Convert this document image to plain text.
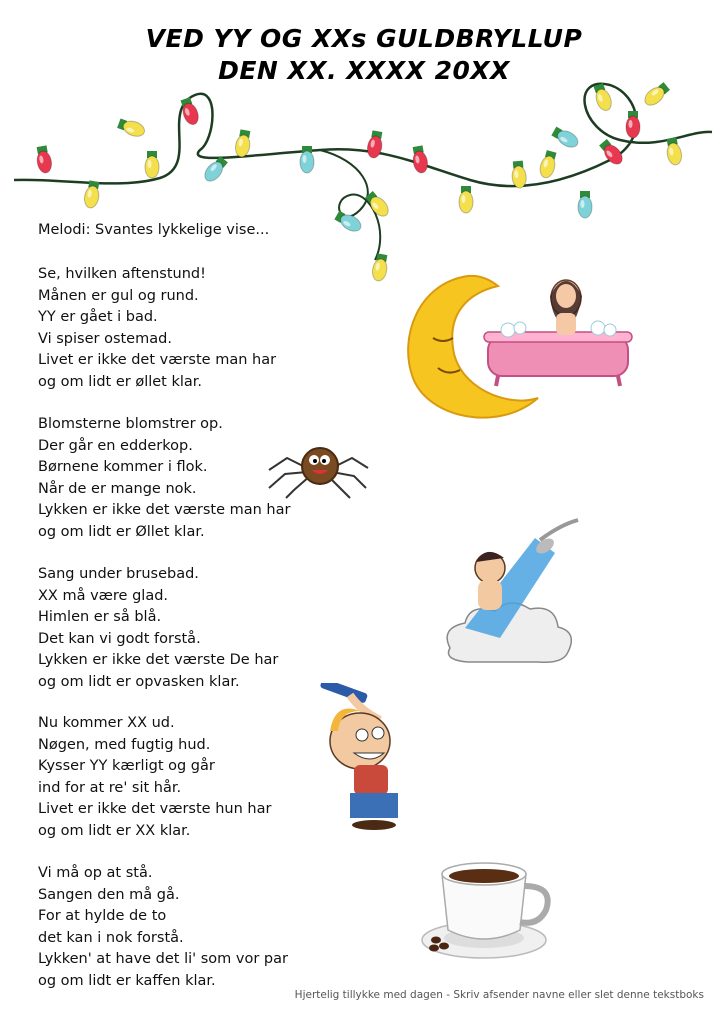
VED YY OG XXs GULDBRYLLUP
DEN XX. XXXX 20XX
Melodi: Svantes lykkelige vise...
Se, hvilken aftenstund!
Månen er gul og rund.
YY er gået i bad.
Vi spiser ostemad.
Livet er ikke det værste man har
og om lidt er øllet klar.
Blomsterne blomstrer op.
Der går en edderkop.
Børnene kommer i flok.
Når de er mange nok.
Lykken er ikke det værste man har
og om lidt er Øllet klar.
Sang under brusebad.
XX må være glad.
Himlen er så blå.
Det kan vi godt forstå.
Lykken er ikke det værste De har
og om lidt er opvasken klar.
Nu kommer XX ud.
Nøgen, med fugtig hud.
Kysser YY kærligt og går
ind for at re' sit hår.
Livet er ikke det værste hun har
og om lidt er XX klar.
Vi må op at stå.
Sangen den må gå.
For at hylde de to
det kan i nok forstå.
Lykken' at have det li' som vor par
og om lidt er kaffen klar.
Hjertelig tillykke med dagen - Skriv afsender navne eller slet denne tekstboks
